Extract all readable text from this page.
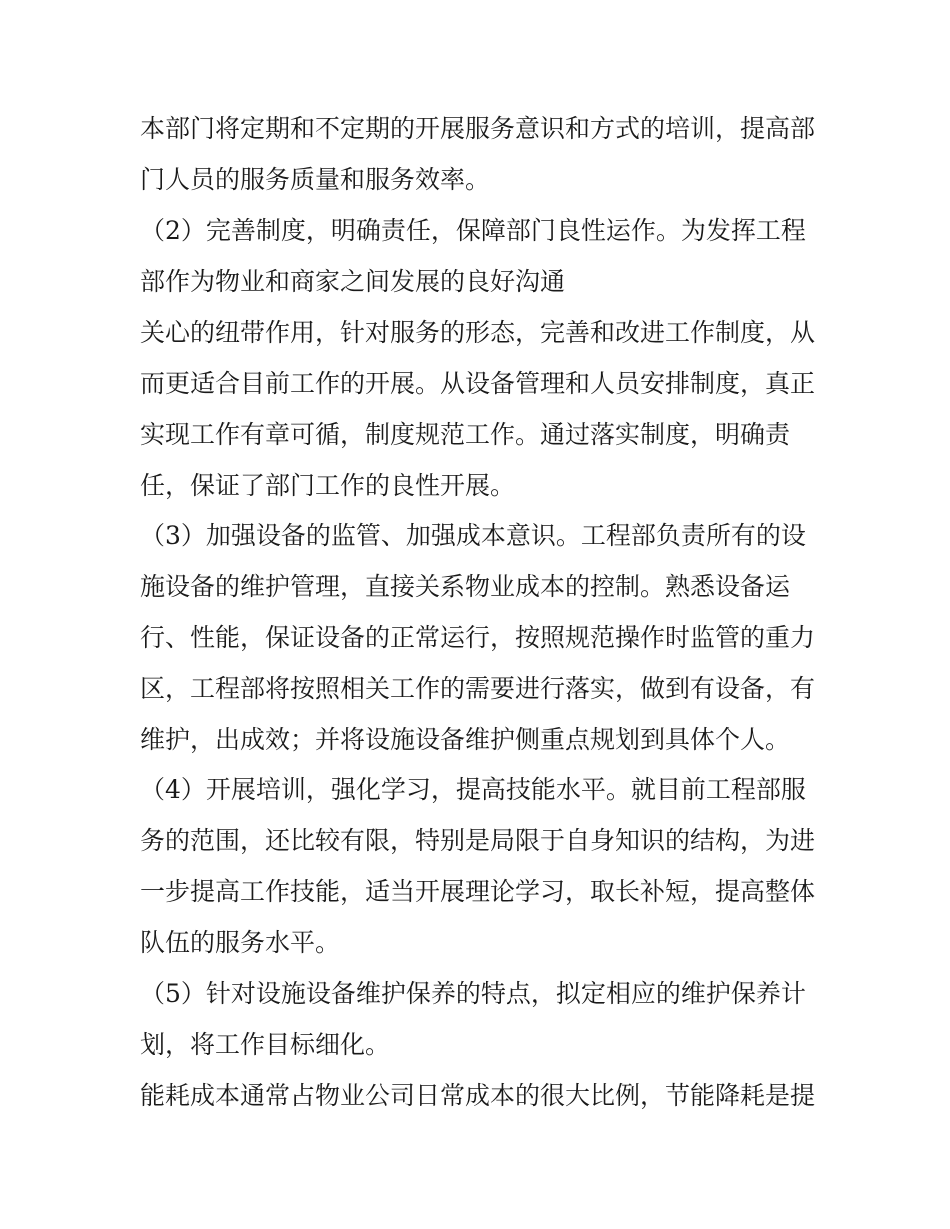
本部门将定期和不定期的开展服务意识和方式的培训，提高部
门人员的服务质量和服务效率。
（2）完善制度，明确责任，保障部门良性运作。为发挥工程
部作为物业和商家之间发展的良好沟通
关心的纽带作用，针对服务的形态，完善和改进工作制度，从
而更适合目前工作的开展。从设备管理和人员安排制度，真正
实现工作有章可循，制度规范工作。通过落实制度，明确责
任，保证了部门工作的良性开展。
（3）加强设备的监管、加强成本意识。工程部负责所有的设
施设备的维护管理，直接关系物业成本的控制。熟悉设备运
行、性能，保证设备的正常运行，按照规范操作时监管的重力
区，工程部将按照相关工作的需要进行落实，做到有设备，有
维护，出成效；并将设施设备维护侧重点规划到具体个人。
（4）开展培训，强化学习，提高技能水平。就目前工程部服
务的范围，还比较有限，特别是局限于自身知识的结构，为进
一步提高工作技能，适当开展理论学习，取长补短，提高整体
队伍的服务水平。
（5）针对设施设备维护保养的特点，拟定相应的维护保养计
划，将工作目标细化。
能耗成本通常占物业公司日常成本的很大比例，节能降耗是提
